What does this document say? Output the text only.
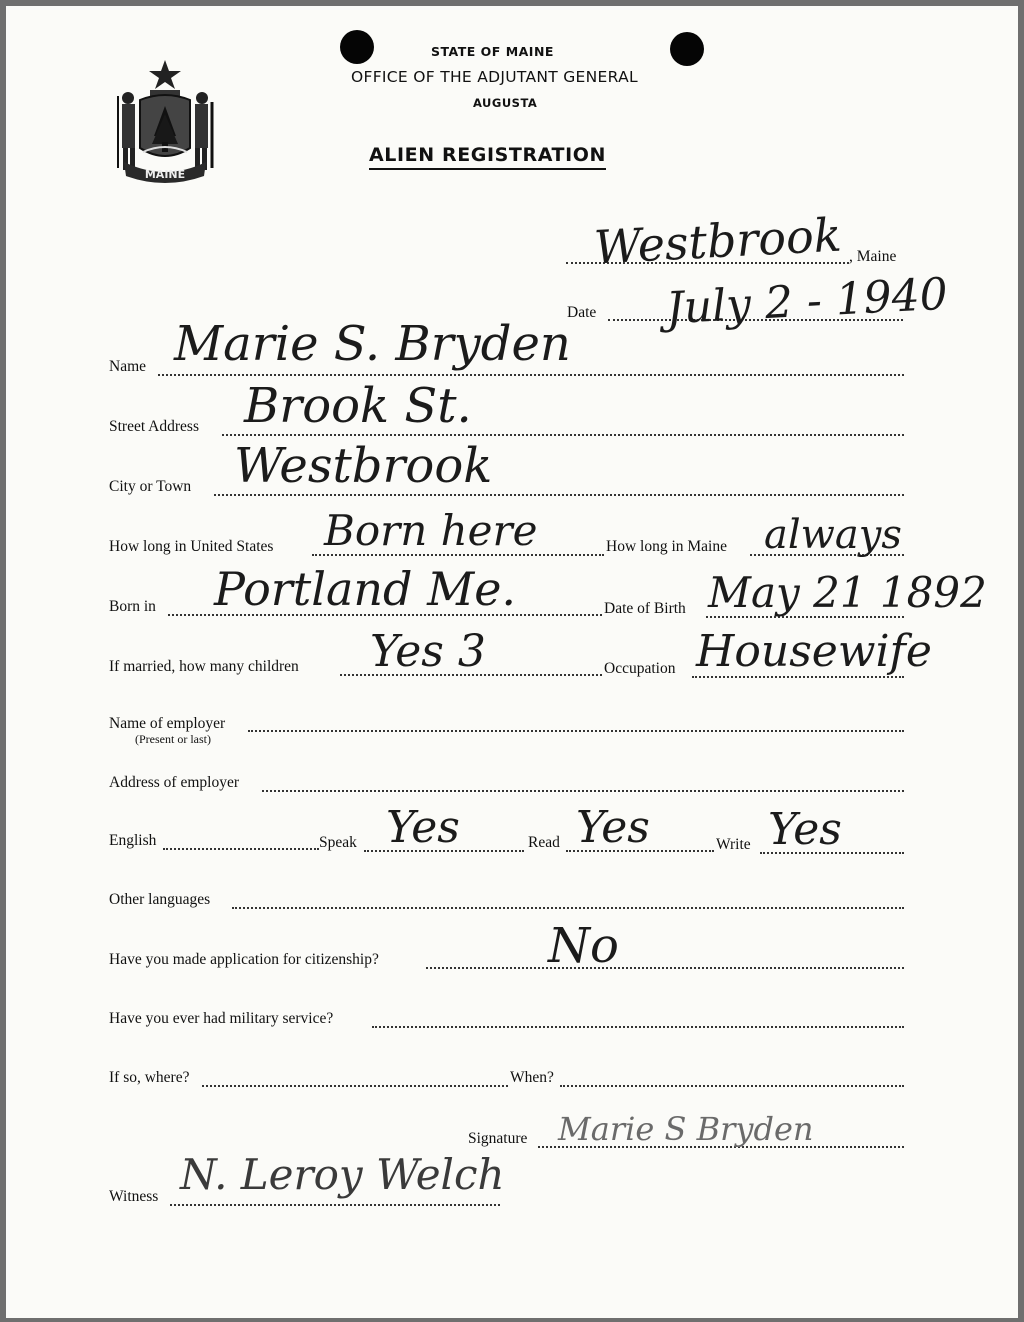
MAINE
STATE OF MAINE
OFFICE OF THE ADJUTANT GENERAL
AUGUSTA
ALIEN REGISTRATION
, Maine
Westbrook
Date July 2 - 1940
Name Marie S. Bryden
Street Address Brook St.
City or Town Westbrook
How long in United States Born here	How long in Maine always
Born in Portland Me.	Date of Birth May 21 1892
If married, how many children Yes 3	Occupation Housewife
Name of employer
(Present or last)
Address of employer
English	Speak Yes	Read Yes	Write Yes
Other languages
Have you made application for citizenship?	No
Have you ever had military service?
If so, where?	When?
Signature Marie S Bryden
Witness N. Leroy Welch
